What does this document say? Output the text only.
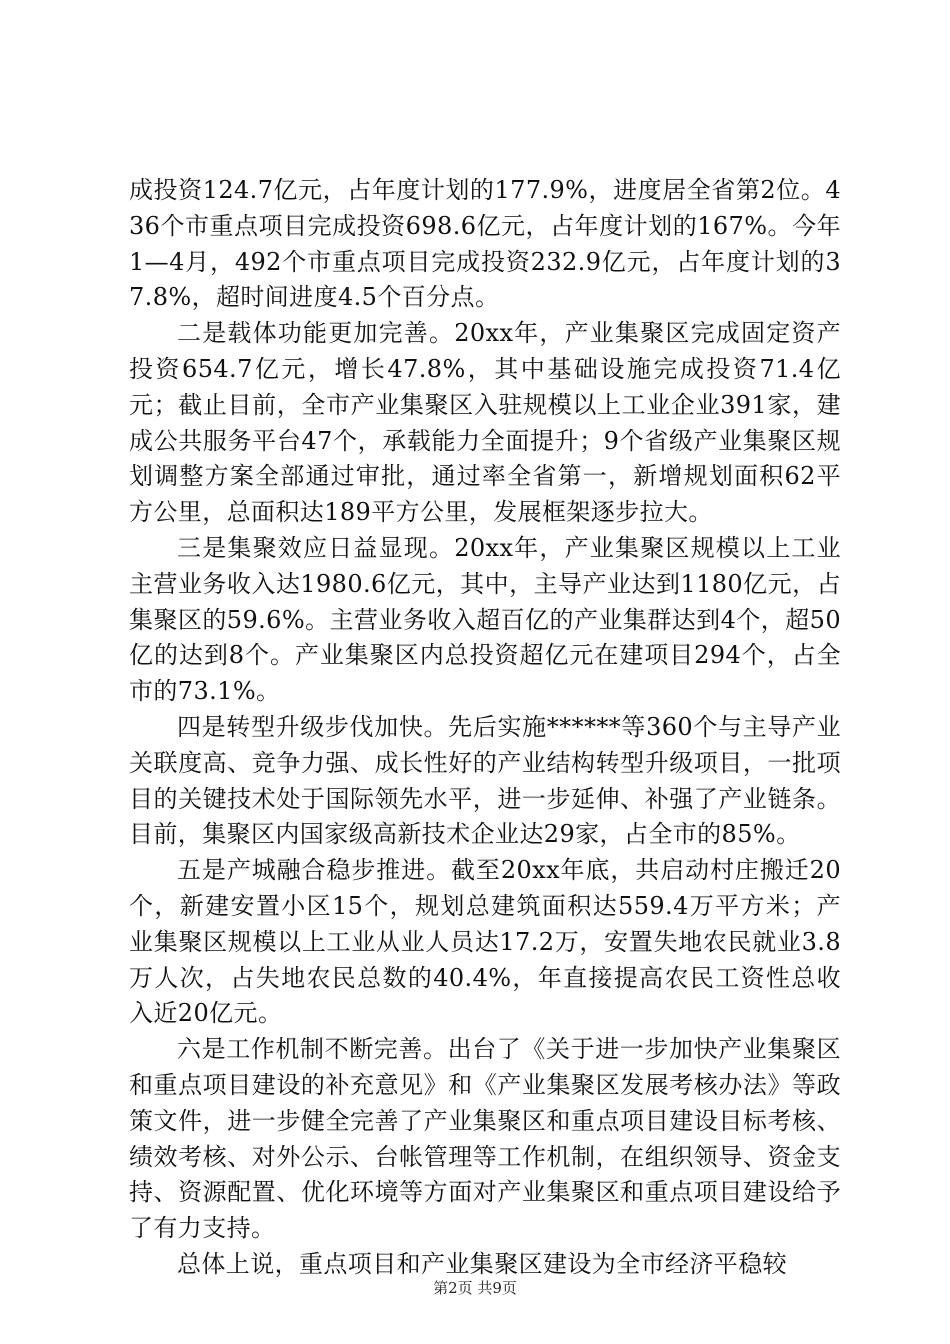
成投资124.7亿元，占年度计划的177.9%，进度居全省第2位。436个市重点项目完成投资698.6亿元，占年度计划的167%。今年1—4月，492个市重点项目完成投资232.9亿元，占年度计划的37.8%，超时间进度4.5个百分点。

二是载体功能更加完善。20xx年，产业集聚区完成固定资产投资654.7亿元，增长47.8%，其中基础设施完成投资71.4亿元；截止目前，全市产业集聚区入驻规模以上工业企业391家，建成公共服务平台47个，承载能力全面提升；9个省级产业集聚区规划调整方案全部通过审批，通过率全省第一，新增规划面积62平方公里，总面积达189平方公里，发展框架逐步拉大。

三是集聚效应日益显现。20xx年，产业集聚区规模以上工业主营业务收入达1980.6亿元，其中，主导产业达到1180亿元，占集聚区的59.6%。主营业务收入超百亿的产业集群达到4个，超50亿的达到8个。产业集聚区内总投资超亿元在建项目294个，占全市的73.1%。

四是转型升级步伐加快。先后实施******等360个与主导产业关联度高、竞争力强、成长性好的产业结构转型升级项目，一批项目的关键技术处于国际领先水平，进一步延伸、补强了产业链条。目前，集聚区内国家级高新技术企业达29家，占全市的85%。

五是产城融合稳步推进。截至20xx年底，共启动村庄搬迁20个，新建安置小区15个，规划总建筑面积达559.4万平方米；产业集聚区规模以上工业从业人员达17.2万，安置失地农民就业3.8万人次，占失地农民总数的40.4%，年直接提高农民工资性总收入近20亿元。

六是工作机制不断完善。出台了《关于进一步加快产业集聚区和重点项目建设的补充意见》和《产业集聚区发展考核办法》等政策文件，进一步健全完善了产业集聚区和重点项目建设目标考核、绩效考核、对外公示、台帐管理等工作机制，在组织领导、资金支持、资源配置、优化环境等方面对产业集聚区和重点项目建设给予了有力支持。

总体上说，重点项目和产业集聚区建设为全市经济平稳较

第2页 共9页
